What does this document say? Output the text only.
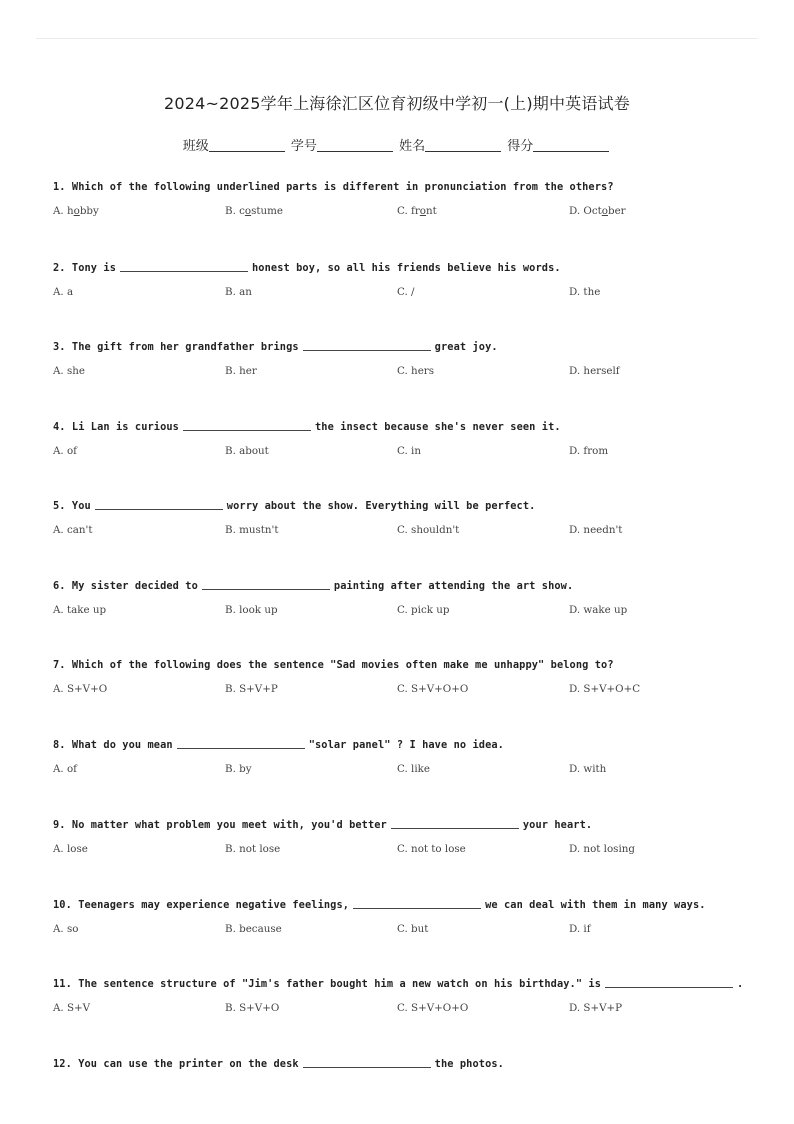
2024~2025学年上海徐汇区位育初级中学初一(上)期中英语试卷
班级	学号	姓名	得分
1. Which of the following underlined parts is different in pronunciation from the others?
A. hobby	B. costume	C. front	D. October
2. Tony is	honest boy, so all his friends believe his words.
A. a	B. an	C. /	D. the
3. The gift from her grandfather brings	great joy.
A. she	B. her	C. hers	D. herself
4. Li Lan is curious	the insect because she's never seen it.
A. of	B. about	C. in	D. from
5. You	worry about the show. Everything will be perfect.
A. can't	B. mustn't	C. shouldn't	D. needn't
6. My sister decided to	painting after attending the art show.
A. take up	B. look up	C. pick up	D. wake up
7. Which of the following does the sentence "Sad movies often make me unhappy" belong to?
A. S+V+O	B. S+V+P	C. S+V+O+O	D. S+V+O+C
8. What do you mean	"solar panel" ? I have no idea.
A. of	B. by	C. like	D. with
9. No matter what problem you meet with, you'd better	your heart.
A. lose	B. not lose	C. not to lose	D. not losing
10. Teenagers may experience negative feelings,	we can deal with them in many ways.
A. so	B. because	C. but	D. if
11. The sentence structure of "Jim's father bought him a new watch on his birthday." is	.
A. S+V	B. S+V+O	C. S+V+O+O	D. S+V+P
12. You can use the printer on the desk	the photos.
